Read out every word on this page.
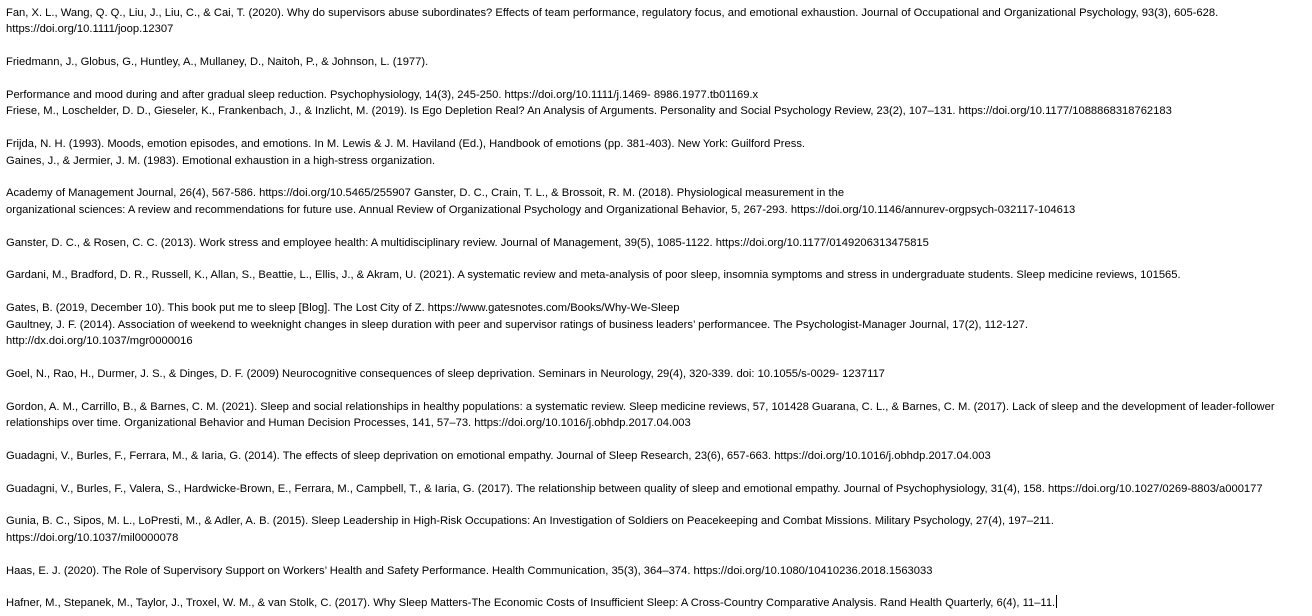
Fan, X. L., Wang, Q. Q., Liu, J., Liu, C., & Cai, T. (2020). Why do supervisors abuse subordinates? Effects of team performance, regulatory focus, and emotional exhaustion. Journal of Occupational and Organizational Psychology, 93(3), 605-628. https://doi.org/10.1111/joop.12307

Friedmann, J., Globus, G., Huntley, A., Mullaney, D., Naitoh, P., & Johnson, L. (1977).

Performance and mood during and after gradual sleep reduction. Psychophysiology, 14(3), 245-250. https://doi.org/10.1111/j.1469- 8986.1977.tb01169.x

Friese, M., Loschelder, D. D., Gieseler, K., Frankenbach, J., & Inzlicht, M. (2019). Is Ego Depletion Real? An Analysis of Arguments. Personality and Social Psychology Review, 23(2), 107–131. https://doi.org/10.1177/1088868318762183

Frijda, N. H. (1993). Moods, emotion episodes, and emotions. In M. Lewis & J. M. Haviland (Ed.), Handbook of emotions (pp. 381-403). New York: Guilford Press.

Gaines, J., & Jermier, J. M. (1983). Emotional exhaustion in a high-stress organization.

Academy of Management Journal, 26(4), 567-586. https://doi.org/10.5465/255907 Ganster, D. C., Crain, T. L., & Brossoit, R. M. (2018). Physiological measurement in the

organizational sciences: A review and recommendations for future use. Annual Review of Organizational Psychology and Organizational Behavior, 5, 267-293. https://doi.org/10.1146/annurev-orgpsych-032117-104613

Ganster, D. C., & Rosen, C. C. (2013). Work stress and employee health: A multidisciplinary review. Journal of Management, 39(5), 1085-1122. https://doi.org/10.1177/0149206313475815

Gardani, M., Bradford, D. R., Russell, K., Allan, S., Beattie, L., Ellis, J., & Akram, U. (2021). A systematic review and meta-analysis of poor sleep, insomnia symptoms and stress in undergraduate students. Sleep medicine reviews, 101565.

Gates, B. (2019, December 10). This book put me to sleep [Blog]. The Lost City of Z. https://www.gatesnotes.com/Books/Why-We-Sleep

Gaultney, J. F. (2014). Association of weekend to weeknight changes in sleep duration with peer and supervisor ratings of business leaders’ performancee. The Psychologist-Manager Journal, 17(2), 112-127.

http://dx.doi.org/10.1037/mgr0000016

Goel, N., Rao, H., Durmer, J. S., & Dinges, D. F. (2009) Neurocognitive consequences of sleep deprivation. Seminars in Neurology, 29(4), 320-339. doi: 10.1055/s-0029- 1237117

Gordon, A. M., Carrillo, B., & Barnes, C. M. (2021). Sleep and social relationships in healthy populations: a systematic review. Sleep medicine reviews, 57, 101428 Guarana, C. L., & Barnes, C. M. (2017). Lack of sleep and the development of leader-follower relationships over time. Organizational Behavior and Human Decision Processes, 141, 57–73. https://doi.org/10.1016/j.obhdp.2017.04.003

Guadagni, V., Burles, F., Ferrara, M., & Iaria, G. (2014). The effects of sleep deprivation on emotional empathy. Journal of Sleep Research, 23(6), 657-663. https://doi.org/10.1016/j.obhdp.2017.04.003

Guadagni, V., Burles, F., Valera, S., Hardwicke-Brown, E., Ferrara, M., Campbell, T., & Iaria, G. (2017). The relationship between quality of sleep and emotional empathy. Journal of Psychophysiology, 31(4), 158. https://doi.org/10.1027/0269-8803/a000177

Gunia, B. C., Sipos, M. L., LoPresti, M., & Adler, A. B. (2015). Sleep Leadership in High-Risk Occupations: An Investigation of Soldiers on Peacekeeping and Combat Missions. Military Psychology, 27(4), 197–211.

https://doi.org/10.1037/mil0000078

Haas, E. J. (2020). The Role of Supervisory Support on Workers’ Health and Safety Performance. Health Communication, 35(3), 364–374. https://doi.org/10.1080/10410236.2018.1563033

Hafner, M., Stepanek, M., Taylor, J., Troxel, W. M., & van Stolk, C. (2017). Why Sleep Matters-The Economic Costs of Insufficient Sleep: A Cross-Country Comparative Analysis. Rand Health Quarterly, 6(4), 11–11.
